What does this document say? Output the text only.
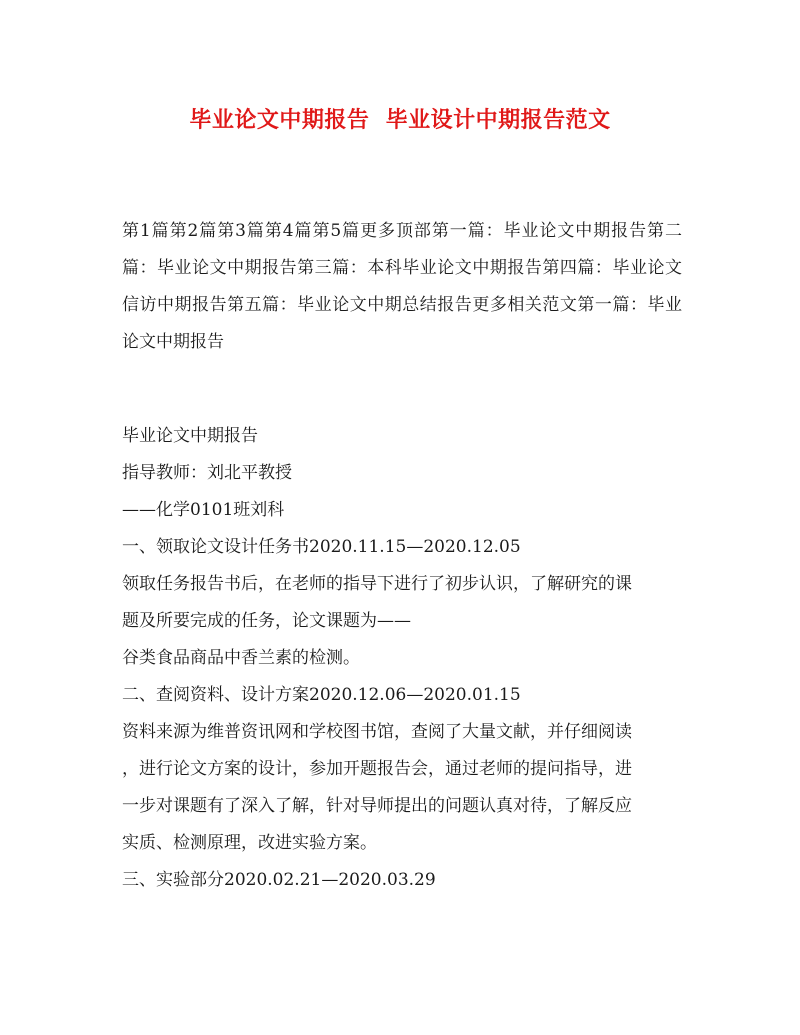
毕业论文中期报告  毕业设计中期报告范文
第1篇第2篇第3篇第4篇第5篇更多顶部第一篇：毕业论文中期报告第二篇：毕业论文中期报告第三篇：本科毕业论文中期报告第四篇：毕业论文信访中期报告第五篇：毕业论文中期总结报告更多相关范文第一篇：毕业论文中期报告
毕业论文中期报告
指导教师：刘北平教授
——化学0101班刘科
一、领取论文设计任务书2020.11.15—2020.12.05
领取任务报告书后，在老师的指导下进行了初步认识，了解研究的课
题及所要完成的任务，论文课题为——
谷类食品商品中香兰素的检测。
二、查阅资料、设计方案2020.12.06—2020.01.15
资料来源为维普资讯网和学校图书馆，查阅了大量文献，并仔细阅读
，进行论文方案的设计，参加开题报告会，通过老师的提问指导，进
一步对课题有了深入了解，针对导师提出的问题认真对待，了解反应
实质、检测原理，改进实验方案。
三、实验部分2020.02.21—2020.03.29
